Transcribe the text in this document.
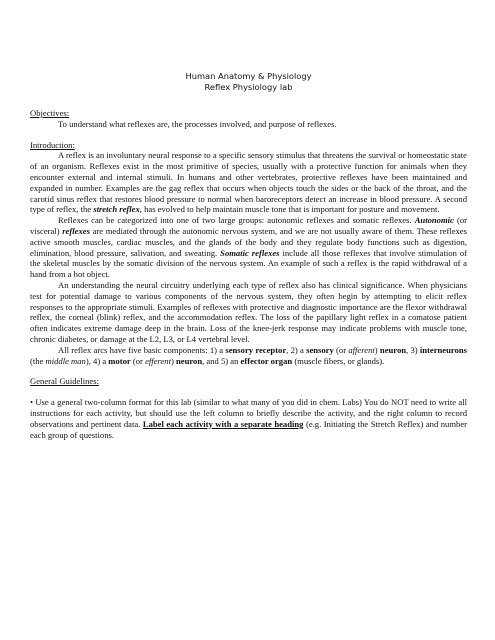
Human Anatomy & Physiology
Reflex Physiology lab
Objectives:

To understand what reflexes are, the processes involved, and purpose of reflexes.

Introduction:

A reflex is an involuntary neural response to a specific sensory stimulus that threatens the survival or homeostatic state of an organism. Reflexes exist in the most primitive of species, usually with a protective function for animals when they encounter external and internal stimuli. In humans and other vertebrates, protective reflexes have been maintained and expanded in number. Examples are the gag reflex that occurs when objects touch the sides or the back of the throat, and the carotid sinus reflex that restores blood pressure to normal when baroreceptors detect an increase in blood pressure. A second type of reflex, the stretch reflex, has evolved to help maintain muscle tone that is important for posture and movement.

Reflexes can be categorized into one of two large groups: autonomic reflexes and somatic reflexes. Autonomic (or visceral) reflexes are mediated through the autonomic nervous system, and we are not usually aware of them. These reflexes active smooth muscles, cardiac muscles, and the glands of the body and they regulate body functions such as digestion, elimination, blood pressure, salivation, and sweating. Somatic reflexes include all those reflexes that involve stimulation of the skeletal muscles by the somatic division of the nervous system. An example of such a reflex is the rapid withdrawal of a hand from a hot object.

An understanding the neural circuitry underlying each type of reflex also has clinical significance. When physicians test for potential damage to various components of the nervous system, they often begin by attempting to elicit reflex responses to the appropriate stimuli. Examples of reflexes with protective and diagnostic importance are the flexor withdrawal reflex, the corneal (blink) reflex, and the accommodation reflex. The loss of the papillary light reflex in a comatose patient often indicates extreme damage deep in the brain. Loss of the knee-jerk response may indicate problems with muscle tone, chronic diabetes, or damage at the L2, L3, or L4 vertebral level.

All reflex arcs have five basic components: 1) a sensory receptor, 2) a sensory (or afferent) neuron, 3) interneurons (the middle man), 4) a motor (or efferent) neuron, and 5) an effector organ (muscle fibers, or glands).

General Guidelines:

• Use a general two-column format for this lab (similar to what many of you did in chem. Labs) You do NOT need to write all instructions for each activity, but should use the left column to briefly describe the activity, and the right column to record observations and pertinent data. Label each activity with a separate heading (e.g. Initiating the Stretch Reflex) and number each group of questions.
